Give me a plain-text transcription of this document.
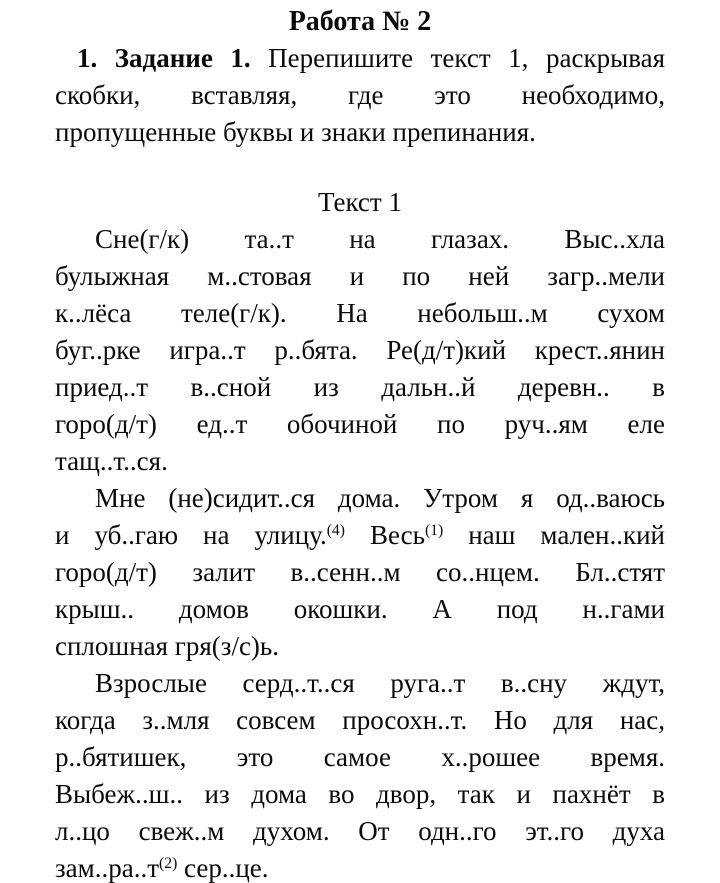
Работа № 2
1. Задание 1. Перепишите текст 1, раскрывая
скобки, вставляя, где это необходимо,
пропущенные буквы и знаки препинания.
Текст 1
Сне(г/к) та..т на глазах. Выс..хла
булыжная м..стовая и по ней загр..мели
к..лёса теле(г/к). На небольш..м сухом
буг..рке игра..т р..бята. Ре(д/т)кий крест..янин
приед..т в..сной из дальн..й деревн.. в
горо(д/т) ед..т обочиной по руч..ям еле
тащ..т..ся.
Мне (не)сидит..ся дома. Утром я од..ваюсь
и уб..гаю на улицу.$^{(4)}$ Весь$^{(1)}$ наш мален..кий
горо(д/т) залит в..сенн..м со..нцем. Бл..стят
крыш.. домов окошки. А под н..гами
сплошная гря(з/с)ь.
Взрослые серд..т..ся руга..т в..сну ждут,
когда з..мля совсем просохн..т. Но для нас,
р..бятишек, это самое х..рошее время.
Выбеж..ш.. из дома во двор, так и пахнёт в
л..цо свеж..м духом. От одн..го эт..го духа
$зам..ра..т^{(2)}$ сер..це.
